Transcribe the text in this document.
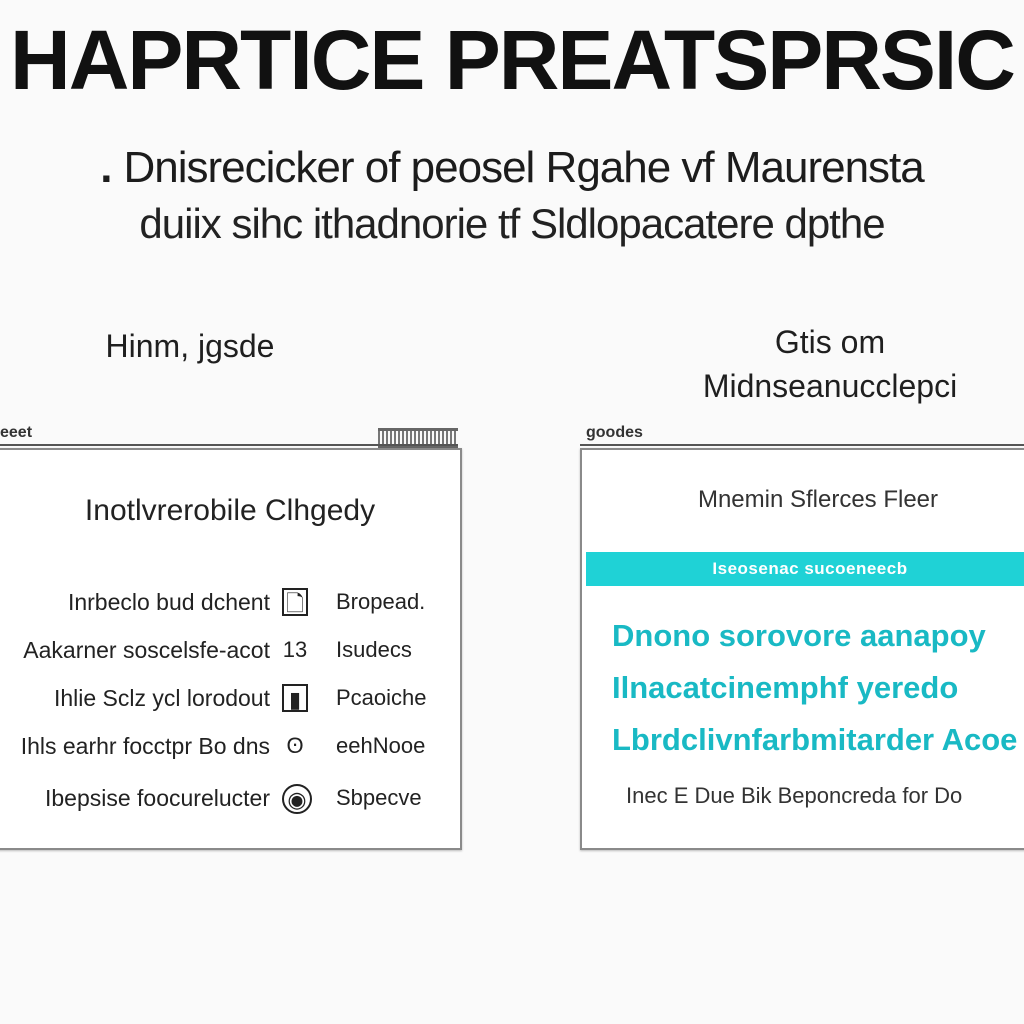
HAPRTICE PREATSPRSIC
. Dnisrecicker of peosel Rgahe vf Maurensta
duiix sihc ithadnorie tf Sldlopacatere dpthe
Hinm, jgsde
eeet
Inotlvrerobile Clhgedy
Inrbeclo bud dchent 🗋 Bropead.
Aakarner soscelsfe-acot 13 Isudecs
Ihlie Sclz ycl lorodout ▮	Pcaoiche
Ihls earhr focctpr Bo dns ʘ eehNooe
Ibepsise foocurelucter ◉ Sbpecve
Gtis om
Midnseanucclepci
goodes
Mnemin Sflerces Fleer
Iseosenac sucoeneecb
Dnono sorovore aanapoy
Ilnacatcinemphf yeredo
Lbrdclivnfarbmitarder Acoe
Inec E Due Bik Beponcreda for Do
